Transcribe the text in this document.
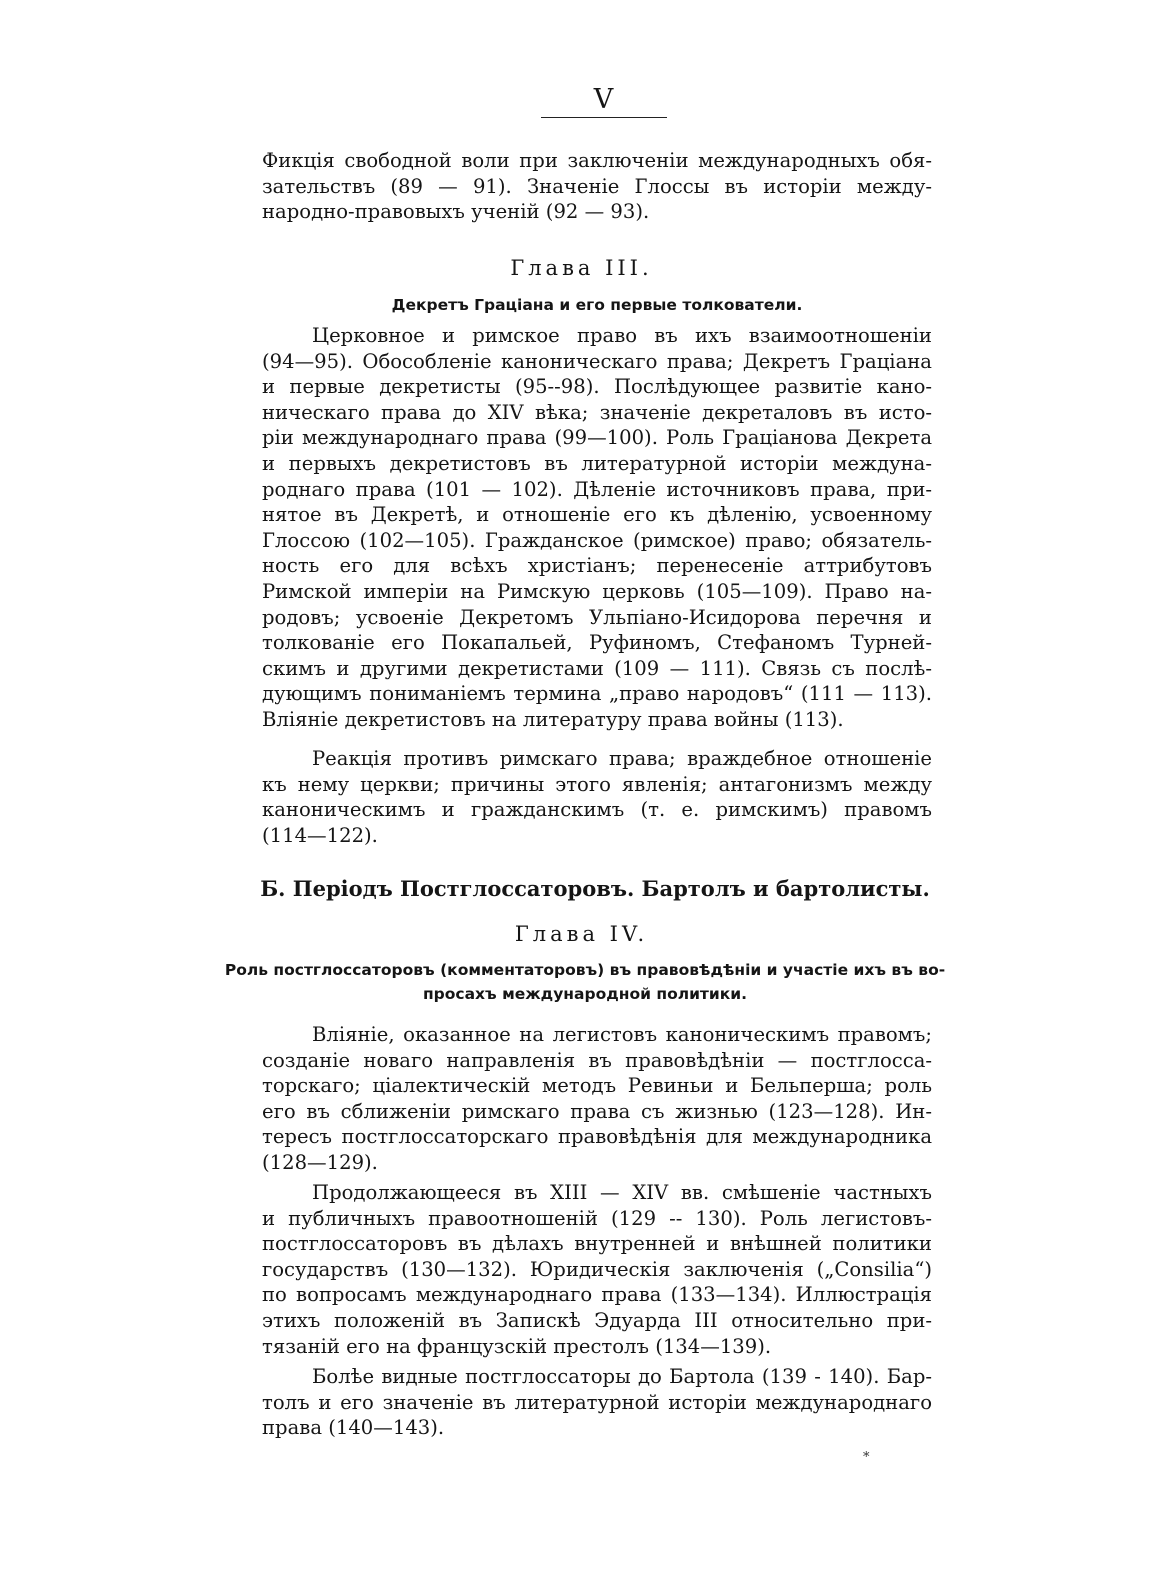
V
Фикція свободной воли при заключеніи международныхъ обя-
зательствъ (89 — 91). Значеніе Глоссы въ исторіи между-
народно-правовыхъ ученій (92 — 93).
Глава III.
Декретъ Граціана и его первые толкователи.
Церковное и римское право въ ихъ взаимоотношеніи
(94—95). Обособленіе каноническаго права; Декретъ Граціана
и первые декретисты (95--98). Послѣдующее развитіе кано-
ническаго права до XIV вѣка; значеніе декреталовъ въ исто-
ріи международнаго права (99—100). Роль Граціанова Декрета
и первыхъ декретистовъ въ литературной исторіи междуна-
роднаго права (101 — 102). Дѣленіе источниковъ права, при-
нятое въ Декретѣ, и отношеніе его къ дѣленію, усвоенному
Глоссою (102—105). Гражданское (римское) право; обязатель-
ность его для всѣхъ христіанъ; перенесеніе аттрибутовъ
Римской имперіи на Римскую церковь (105—109). Право на-
родовъ; усвоеніе Декретомъ Ульпіано-Исидорова перечня и
толкованіе его Покапальей, Руфиномъ, Стефаномъ Турней-
скимъ и другими декретистами (109 — 111). Связь съ послѣ-
дующимъ пониманіемъ термина „право народовъ“ (111 — 113).
Вліяніе декретистовъ на литературу права войны (113).
Реакція противъ римскаго права; враждебное отношеніе
къ нему церкви; причины этого явленія; антагонизмъ между
каноническимъ и гражданскимъ (т. е. римскимъ) правомъ
(114—122).
Б. Періодъ Постглоссаторовъ. Бартолъ и бартолисты.
Глава IV.
Роль постглоссаторовъ (комментаторовъ) въ правовѣдѣніи и участіе ихъ въ во-
просахъ международной политики.
Вліяніе, оказанное на легистовъ каноническимъ правомъ;
созданіе новаго направленія въ правовѣдѣніи — постглосса-
торскаго; ціалектическій методъ Ревиньи и Бельперша; роль
его въ сближеніи римскаго права съ жизнью (123—128). Ин-
тересъ постглоссаторскаго правовѣдѣнія для международника
(128—129).
Продолжающееся въ XIII — XIV вв. смѣшеніе частныхъ
и публичныхъ правоотношеній (129 -- 130). Роль легистовъ-
постглоссаторовъ въ дѣлахъ внутренней и внѣшней политики
государствъ (130—132). Юридическія заключенія („Consilia“)
по вопросамъ международнаго права (133—134). Иллюстрація
этихъ положеній въ Запискѣ Эдуарда III относительно при-
тязаній его на французскій престолъ (134—139).
Болѣе видные постглоссаторы до Бартола (139 - 140). Бар-
толъ и его значеніе въ литературной исторіи международнаго
права (140—143).
*
